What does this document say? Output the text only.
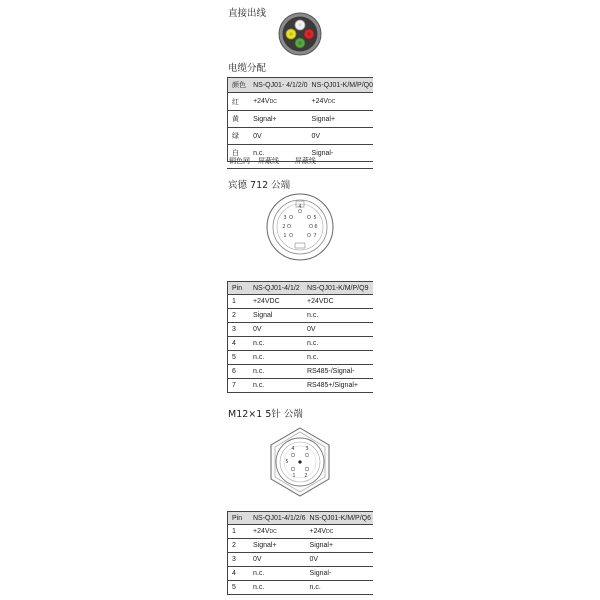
直接出线
电缆分配
颜色	NS-QJ01- 4/1/2/0	NS-QJ01-K/M/P/Q0
红	+24VDC	+24VDC
黄	Signal+	Signal+
绿	0V	0V
白	n.c.	Signal-
铜色网 屏蔽线 屏蔽线
宾德 712 公端
4
3	5
2	6
1	7
Pin	NS-QJ01-4/1/2	NS-QJ01-K/M/P/Q9
1	+24VDC	+24VDC
2	Signal	n.c.
3	0V	0V
4	n.c.	n.c.
5	n.c.	n.c.
6	n.c.	RS485-/Signal-
7	n.c.	RS485+/Signal+
M12×1 5针 公端
4 3
5
1 2
Pin	NS-QJ01-4/1/2/6	NS-QJ01-K/M/P/Q6
1	+24VDC	+24VDC
2	Signal+	Signal+
3	0V	0V
4	n.c.	Signal-
5	n.c.	n.c.
